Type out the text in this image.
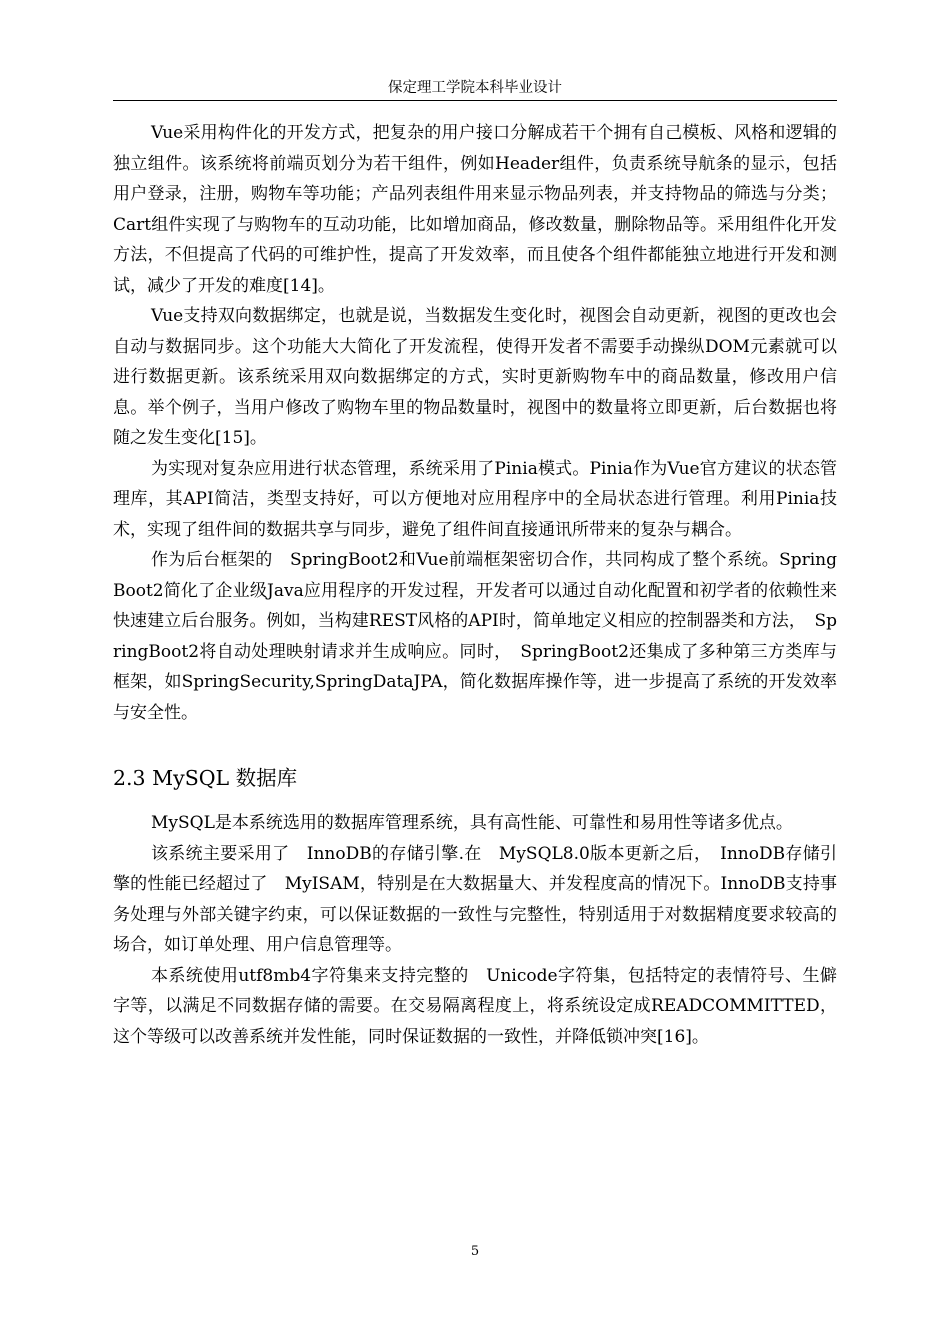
保定理工学院本科毕业设计

Vue采用构件化的开发方式，把复杂的用户接口分解成若干个拥有自己模板、风格和逻辑的独立组件。该系统将前端页划分为若干组件，例如Header组件，负责系统导航条的显示，包括用户登录，注册，购物车等功能；产品列表组件用来显示物品列表，并支持物品的筛选与分类；Cart组件实现了与购物车的互动功能，比如增加商品，修改数量，删除物品等。采用组件化开发方法，不但提高了代码的可维护性，提高了开发效率，而且使各个组件都能独立地进行开发和测试，减少了开发的难度[14]。

Vue支持双向数据绑定，也就是说，当数据发生变化时，视图会自动更新，视图的更改也会自动与数据同步。这个功能大大简化了开发流程，使得开发者不需要手动操纵DOM元素就可以进行数据更新。该系统采用双向数据绑定的方式，实时更新购物车中的商品数量，修改用户信息。举个例子，当用户修改了购物车里的物品数量时，视图中的数量将立即更新，后台数据也将随之发生变化[15]。

为实现对复杂应用进行状态管理，系统采用了Pinia模式。Pinia作为Vue官方建议的状态管理库，其API简洁，类型支持好，可以方便地对应用程序中的全局状态进行管理。利用Pinia技术，实现了组件间的数据共享与同步，避免了组件间直接通讯所带来的复杂与耦合。

作为后台框架的　SpringBoot2和Vue前端框架密切合作，共同构成了整个系统。SpringBoot2简化了企业级Java应用程序的开发过程，开发者可以通过自动化配置和初学者的依赖性来快速建立后台服务。例如，当构建REST风格的API时，简单地定义相应的控制器类和方法，　SpringBoot2将自动处理映射请求并生成响应。同时，　SpringBoot2还集成了多种第三方类库与框架，如SpringSecurity,SpringDataJPA，简化数据库操作等，进一步提高了系统的开发效率与安全性。

2.3 MySQL 数据库

MySQL是本系统选用的数据库管理系统，具有高性能、可靠性和易用性等诸多优点。

该系统主要采用了　InnoDB的存储引擎.在　MySQL8.0版本更新之后，　InnoDB存储引擎的性能已经超过了　MyISAM，特别是在大数据量大、并发程度高的情况下。InnoDB支持事务处理与外部关键字约束，可以保证数据的一致性与完整性，特别适用于对数据精度要求较高的场合，如订单处理、用户信息管理等。

本系统使用utf8mb4字符集来支持完整的　Unicode字符集，包括特定的表情符号、生僻字等，以满足不同数据存储的需要。在交易隔离程度上，将系统设定成READCOMMITTED，这个等级可以改善系统并发性能，同时保证数据的一致性，并降低锁冲突[16]。

5
